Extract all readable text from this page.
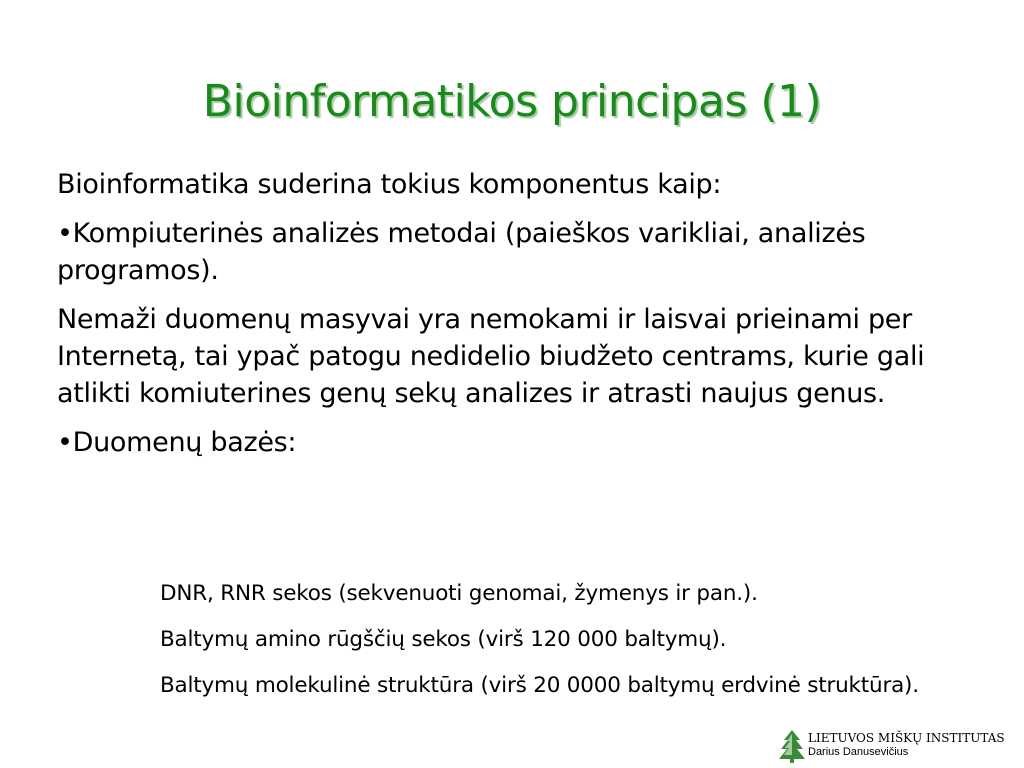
Bioinformatikos principas (1)

Bioinformatika suderina tokius komponentus kaip:

•Kompiuterinės analizės metodai (paieškos varikliai, analizės programos).

Nemaži duomenų masyvai yra nemokami ir laisvai prieinami per Internetą, tai ypač patogu nedidelio biudžeto centrams, kurie gali atlikti komiuterines genų sekų analizes ir atrasti naujus genus.

•Duomenų bazės:

DNR, RNR sekos (sekvenuoti genomai, žymenys ir pan.).

Baltymų amino rūgščių sekos (virš 120 000 baltymų).

Baltymų molekulinė struktūra (virš 20 0000 baltymų erdvinė struktūra).

LIETUVOS MIŠKŲ INSTITUTAS
Darius Danusevičius
